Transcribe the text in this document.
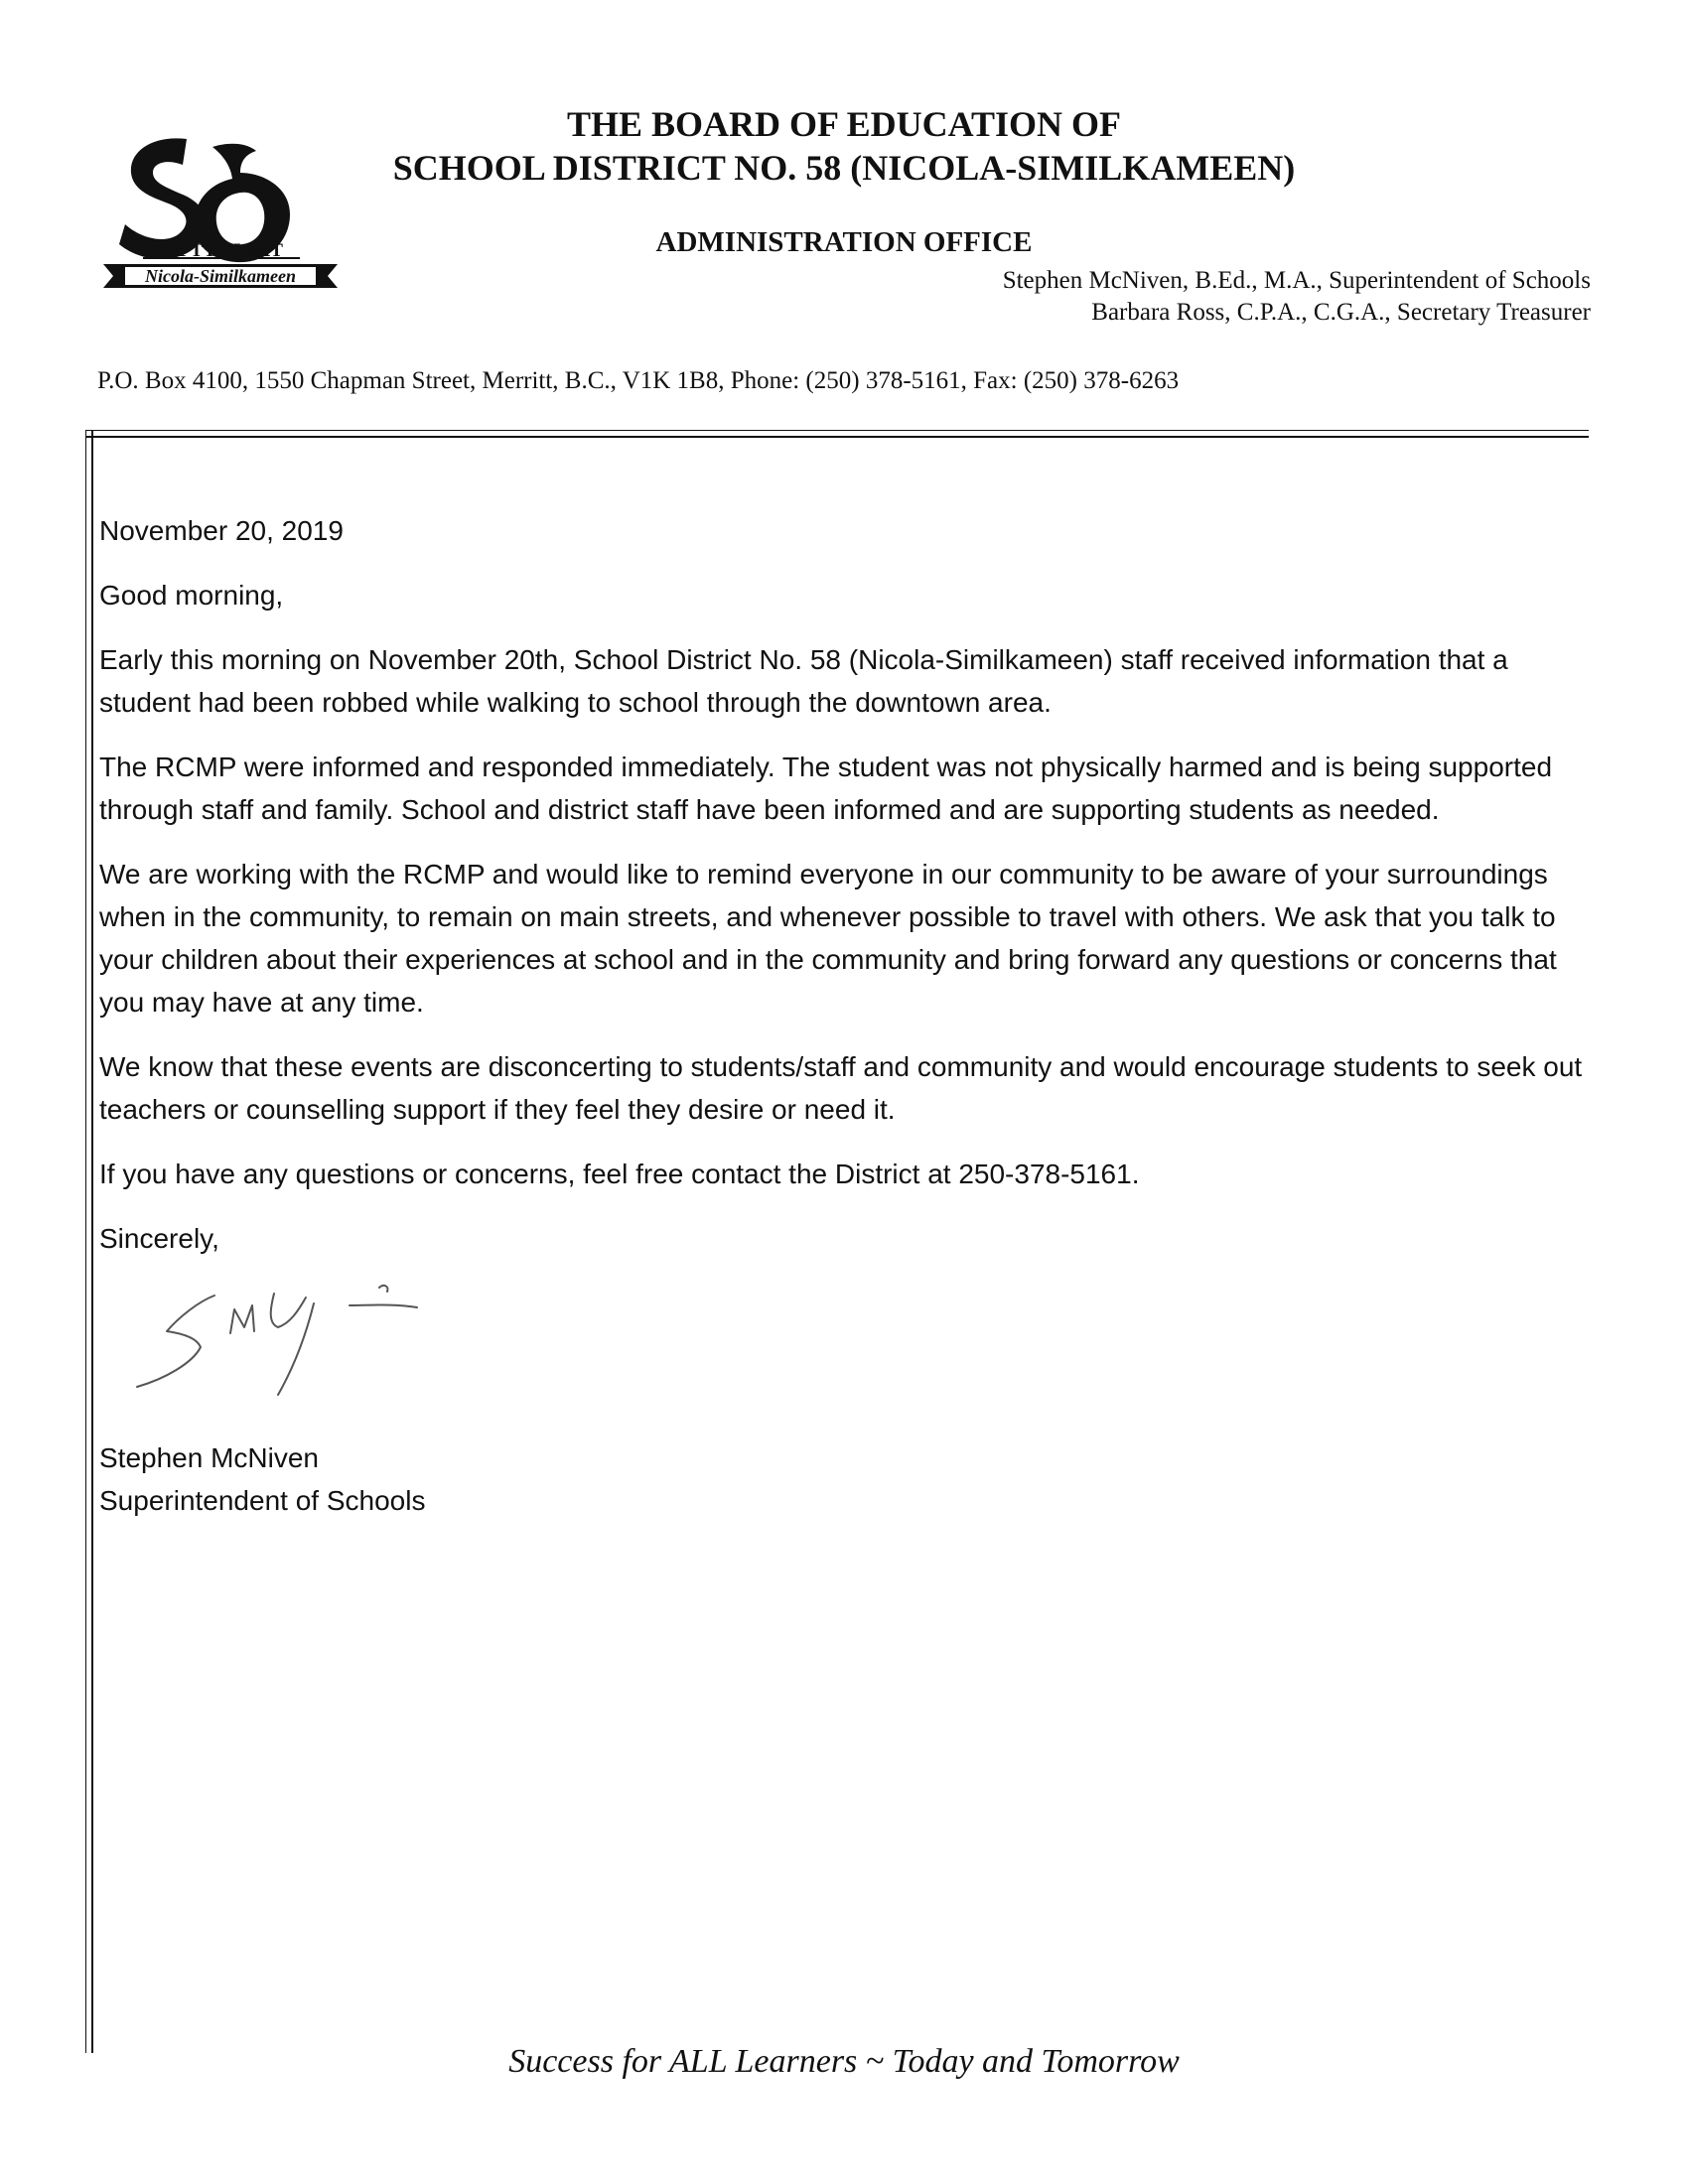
FIFTY-EIGHT
Nicola-Similkameen
THE BOARD OF EDUCATION OF
SCHOOL DISTRICT NO. 58 (NICOLA-SIMILKAMEEN)

ADMINISTRATION OFFICE

Stephen McNiven, B.Ed., M.A., Superintendent of Schools

Barbara Ross, C.P.A., C.G.A., Secretary Treasurer

P.O. Box 4100, 1550 Chapman Street, Merritt, B.C., V1K 1B8, Phone: (250) 378-5161, Fax: (250) 378-6263

November 20, 2019

Good morning,

Early this morning on November 20th, School District No. 58 (Nicola-Similkameen) staff received information that a student had been robbed while walking to school through the downtown area.

The RCMP were informed and responded immediately. The student was not physically harmed and is being supported through staff and family. School and district staff have been informed and are supporting students as needed.

We are working with the RCMP and would like to remind everyone in our community to be aware of your surroundings when in the community, to remain on main streets, and whenever possible to travel with others. We ask that you talk to your children about their experiences at school and in the community and bring forward any questions or concerns that you may have at any time.

We know that these events are disconcerting to students/staff and community and would encourage students to seek out teachers or counselling support if they feel they desire or need it.

If you have any questions or concerns, feel free contact the District at 250-378-5161.

Sincerely,

Stephen McNiven

Superintendent of Schools

Success for ALL Learners ~ Today and Tomorrow
